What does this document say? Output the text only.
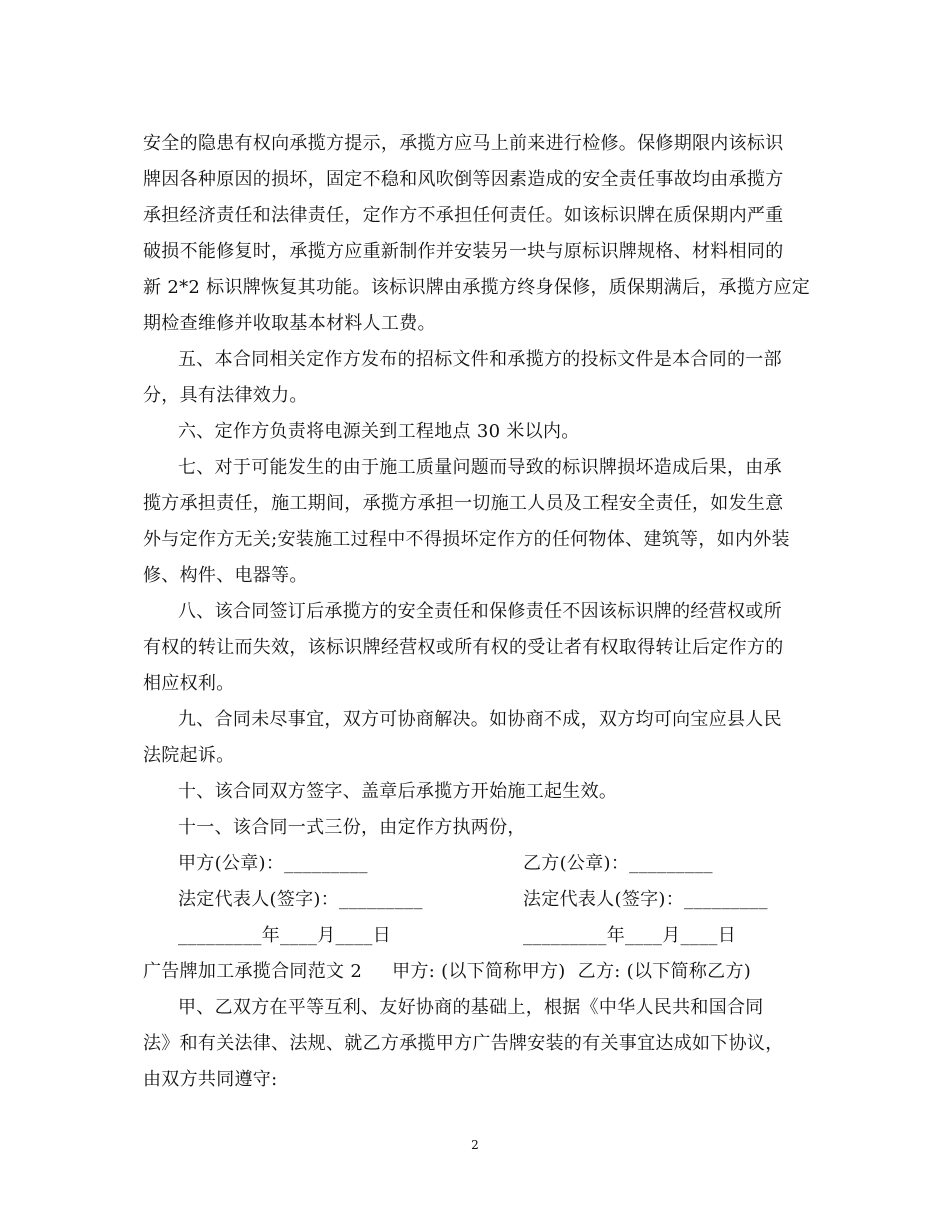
安全的隐患有权向承揽方提示，承揽方应马上前来进行检修。保修期限内该标识
牌因各种原因的损坏，固定不稳和风吹倒等因素造成的安全责任事故均由承揽方
承担经济责任和法律责任，定作方不承担任何责任。如该标识牌在质保期内严重
破损不能修复时，承揽方应重新制作并安装另一块与原标识牌规格、材料相同的
新 2*2 标识牌恢复其功能。该标识牌由承揽方终身保修，质保期满后，承揽方应定
期检查维修并收取基本材料人工费。
五、本合同相关定作方发布的招标文件和承揽方的投标文件是本合同的一部
分，具有法律效力。
六、定作方负责将电源关到工程地点 30 米以内。
七、对于可能发生的由于施工质量问题而导致的标识牌损坏造成后果，由承
揽方承担责任，施工期间，承揽方承担一切施工人员及工程安全责任，如发生意
外与定作方无关;安装施工过程中不得损坏定作方的任何物体、建筑等，如内外装
修、构件、电器等。
八、该合同签订后承揽方的安全责任和保修责任不因该标识牌的经营权或所
有权的转让而失效，该标识牌经营权或所有权的受让者有权取得转让后定作方的
相应权利。
九、合同未尽事宜，双方可协商解决。如协商不成，双方均可向宝应县人民
法院起诉。
十、该合同双方签字、盖章后承揽方开始施工起生效。
十一、该合同一式三份，由定作方执两份，
甲方(公章)：_________	乙方(公章)：_________
法定代表人(签字)：_________	法定代表人(签字)：_________
_________年____月____日	_________年____月____日
广告牌加工承揽合同范文 2     甲方: (以下简称甲方)  乙方: (以下简称乙方)
甲、乙双方在平等互利、友好协商的基础上，根据《中华人民共和国合同
法》和有关法律、法规、就乙方承揽甲方广告牌安装的有关事宜达成如下协议，
由双方共同遵守:
2
